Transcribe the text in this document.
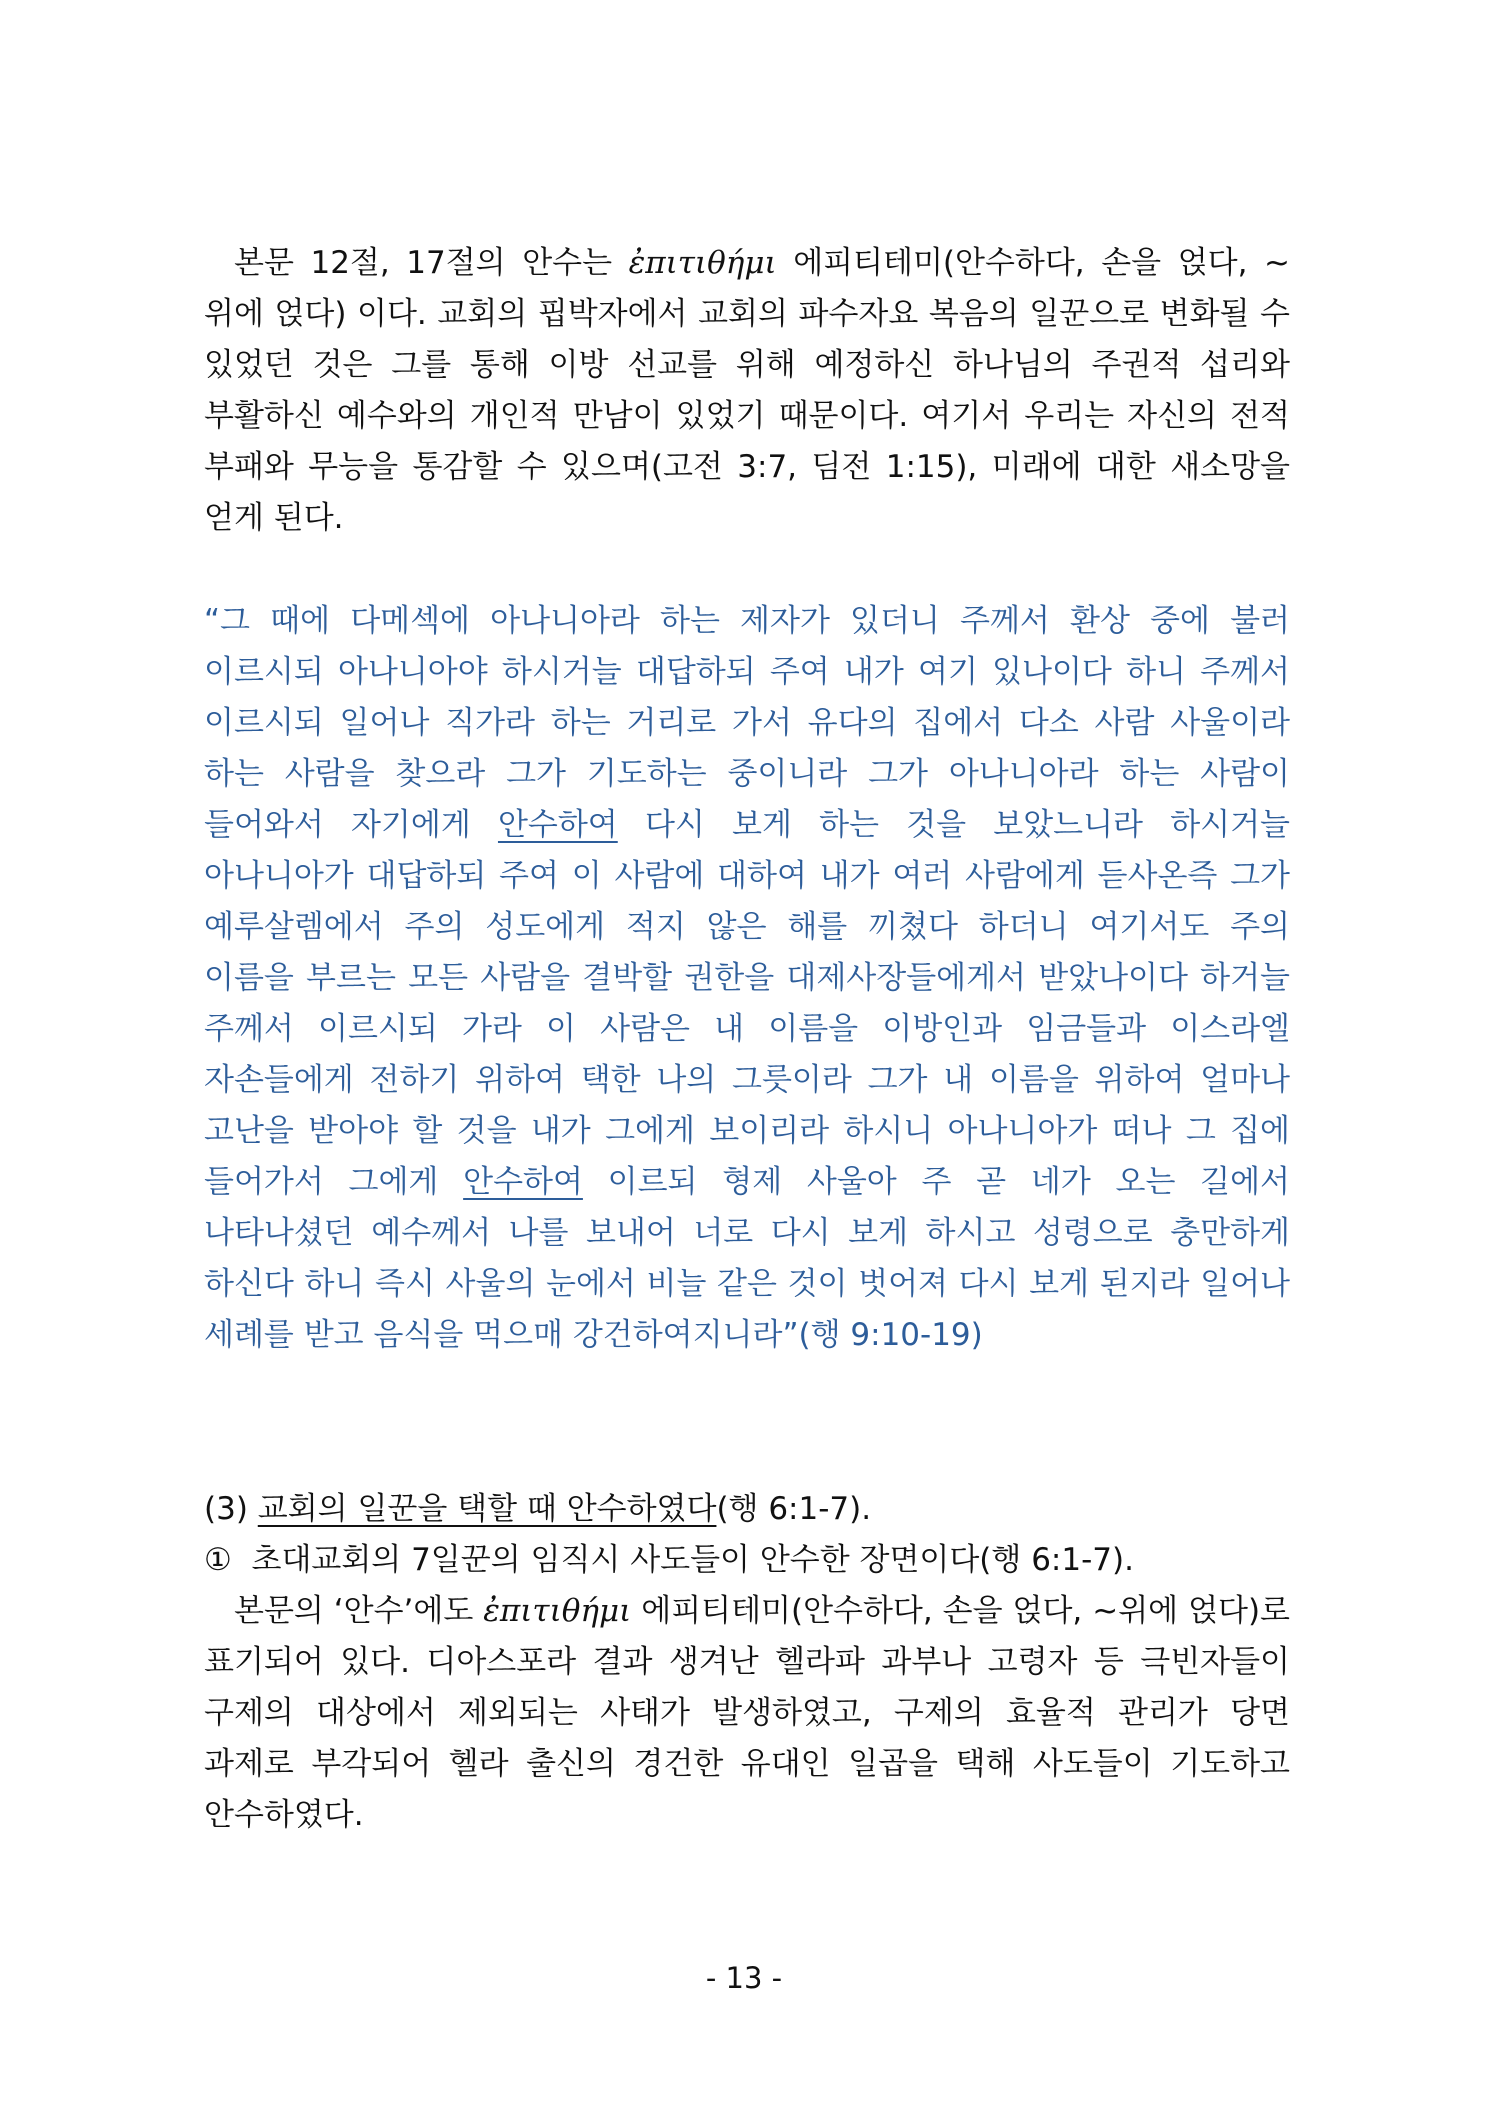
본문 12절, 17절의 안수는 ἐπιτιθήμι 에피티테미(안수하다, 손을 얹다, ~위에 얹다) 이다. 교회의 핍박자에서 교회의 파수자요 복음의 일꾼으로 변화될 수 있었던 것은 그를 통해 이방 선교를 위해 예정하신 하나님의 주권적 섭리와 부활하신 예수와의 개인적 만남이 있었기 때문이다. 여기서 우리는 자신의 전적 부패와 무능을 통감할 수 있으며(고전 3:7, 딤전 1:15), 미래에 대한 새소망을 얻게 된다.
“그 때에 다메섹에 아나니아라 하는 제자가 있더니 주께서 환상 중에 불러 이르시되 아나니아야 하시거늘 대답하되 주여 내가 여기 있나이다 하니 주께서 이르시되 일어나 직가라 하는 거리로 가서 유다의 집에서 다소 사람 사울이라 하는 사람을 찾으라 그가 기도하는 중이니라 그가 아나니아라 하는 사람이 들어와서 자기에게 안수하여 다시 보게 하는 것을 보았느니라 하시거늘 아나니아가 대답하되 주여 이 사람에 대하여 내가 여러 사람에게 듣사온즉 그가 예루살렘에서 주의 성도에게 적지 않은 해를 끼쳤다 하더니 여기서도 주의 이름을 부르는 모든 사람을 결박할 권한을 대제사장들에게서 받았나이다 하거늘 주께서 이르시되 가라 이 사람은 내 이름을 이방인과 임금들과 이스라엘 자손들에게 전하기 위하여 택한 나의 그릇이라 그가 내 이름을 위하여 얼마나 고난을 받아야 할 것을 내가 그에게 보이리라 하시니 아나니아가 떠나 그 집에 들어가서 그에게 안수하여 이르되 형제 사울아 주 곧 네가 오는 길에서 나타나셨던 예수께서 나를 보내어 너로 다시 보게 하시고 성령으로 충만하게 하신다 하니 즉시 사울의 눈에서 비늘 같은 것이 벗어져 다시 보게 된지라 일어나 세례를 받고 음식을 먹으매 강건하여지니라”(행 9:10-19)
(3) 교회의 일꾼을 택할 때 안수하였다(행 6:1-7).
①  초대교회의 7일꾼의 임직시 사도들이 안수한 장면이다(행 6:1-7).
본문의 ‘안수’에도 ἐπιτιθήμι 에피티테미(안수하다, 손을 얹다, ~위에 얹다)로 표기되어 있다. 디아스포라 결과 생겨난 헬라파 과부나 고령자 등 극빈자들이 구제의 대상에서 제외되는 사태가 발생하였고, 구제의 효율적 관리가 당면 과제로 부각되어 헬라 출신의 경건한 유대인 일곱을 택해 사도들이 기도하고 안수하였다.
- 13 -
